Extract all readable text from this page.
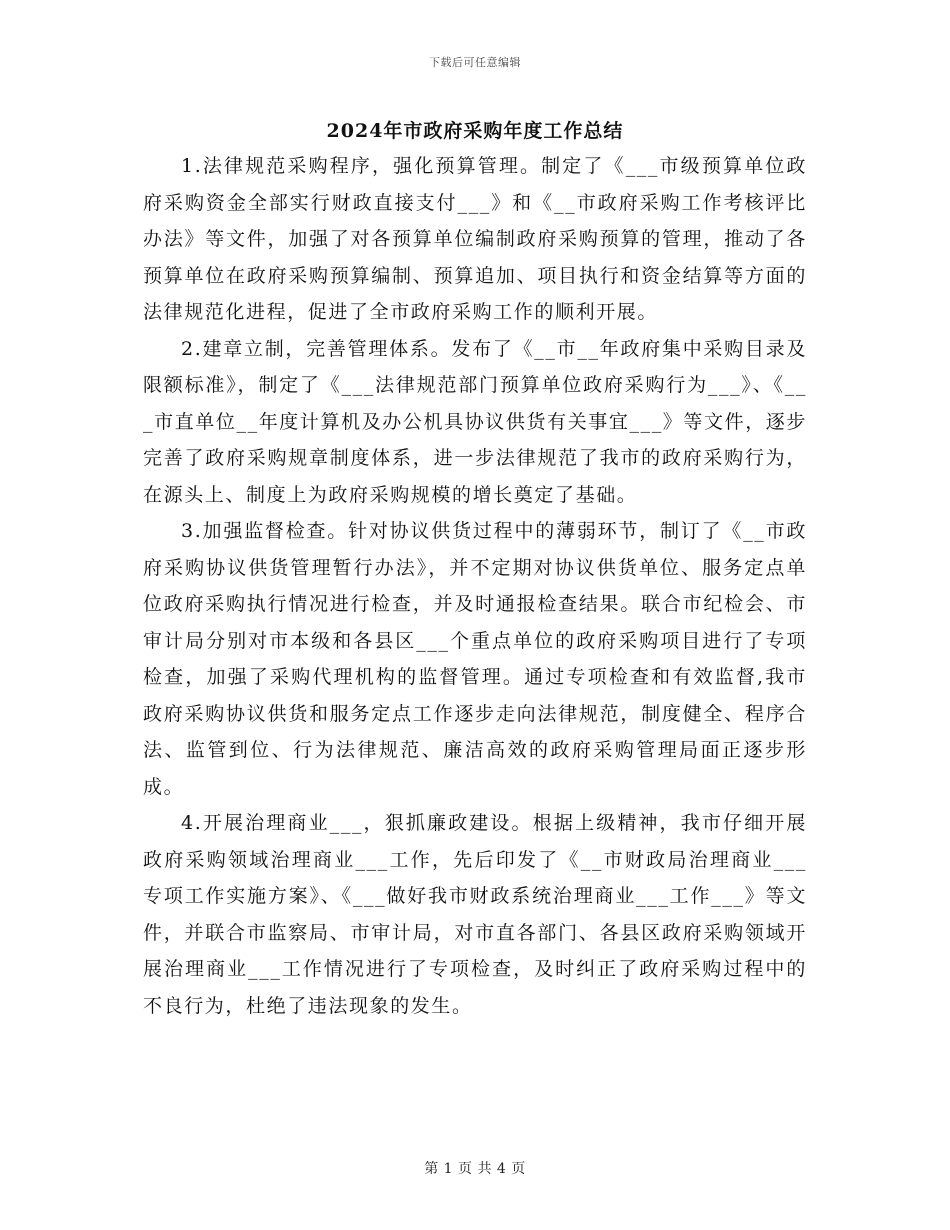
下载后可任意编辑
2024年市政府采购年度工作总结

1.法律规范采购程序，强化预算管理。制定了《___市级预算单位政府采购资金全部实行财政直接支付___》和《__市政府采购工作考核评比办法》等文件，加强了对各预算单位编制政府采购预算的管理，推动了各预算单位在政府采购预算编制、预算追加、项目执行和资金结算等方面的法律规范化进程，促进了全市政府采购工作的顺利开展。

2.建章立制，完善管理体系。发布了《__市__年政府集中采购目录及限额标准》，制定了《___法律规范部门预算单位政府采购行为___》、《___市直单位__年度计算机及办公机具协议供货有关事宜___》等文件，逐步完善了政府采购规章制度体系，进一步法律规范了我市的政府采购行为，在源头上、制度上为政府采购规模的增长奠定了基础。

3.加强监督检查。针对协议供货过程中的薄弱环节，制订了《__市政府采购协议供货管理暂行办法》，并不定期对协议供货单位、服务定点单位政府采购执行情况进行检查，并及时通报检查结果。联合市纪检会、市审计局分别对市本级和各县区___个重点单位的政府采购项目进行了专项检查，加强了采购代理机构的监督管理。通过专项检查和有效监督,我市政府采购协议供货和服务定点工作逐步走向法律规范，制度健全、程序合法、监管到位、行为法律规范、廉洁高效的政府采购管理局面正逐步形成。

4.开展治理商业___，狠抓廉政建设。根据上级精神，我市仔细开展政府采购领域治理商业___工作，先后印发了《__市财政局治理商业___专项工作实施方案》、《___做好我市财政系统治理商业___工作___》等文件，并联合市监察局、市审计局，对市直各部门、各县区政府采购领域开展治理商业___工作情况进行了专项检查，及时纠正了政府采购过程中的不良行为，杜绝了违法现象的发生。

第 1 页 共 4 页
